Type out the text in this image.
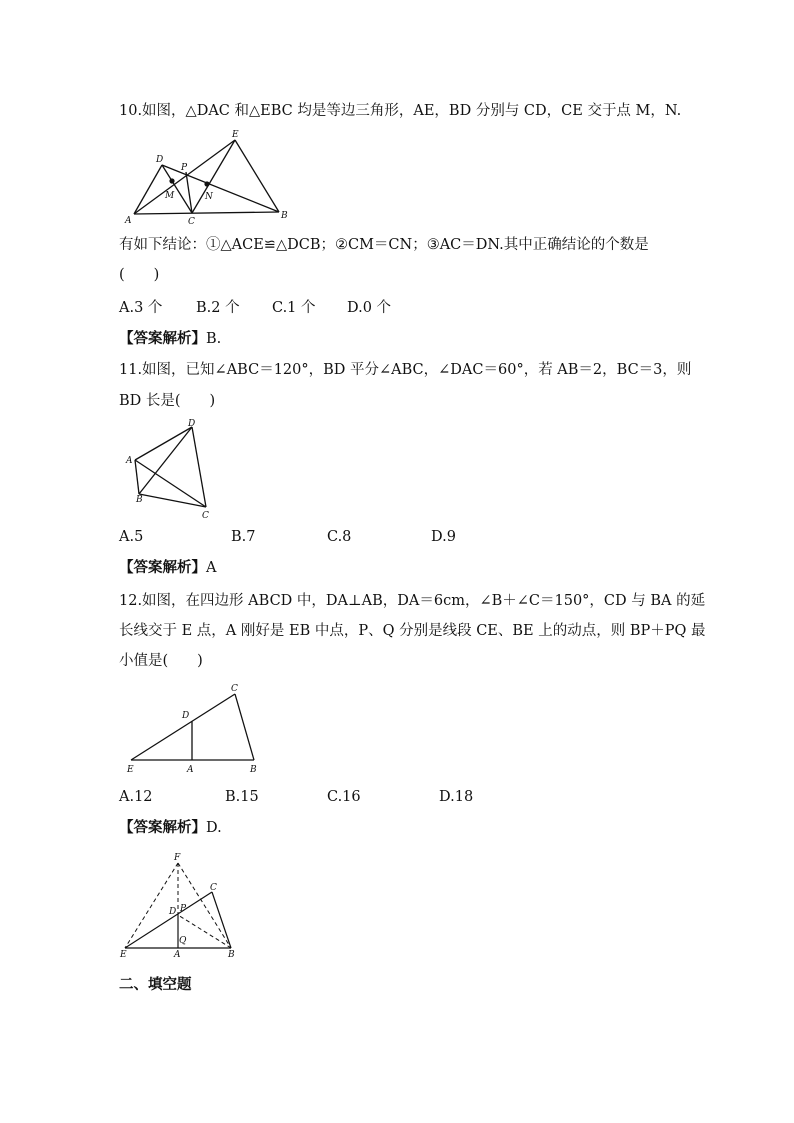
10.如图，△DAC 和△EBC 均是等边三角形，AE，BD 分别与 CD，CE 交于点 M，N.
A
D
E
P
M	N
C
B
有如下结论：①△ACE≌△DCB；②CM＝CN；③AC＝DN.其中正确结论的个数是
(　　)
A.3 个 B.2 个 C.1 个 D.0 个
【答案解析】B.
11.如图，已知∠ABC＝120°，BD 平分∠ABC，∠DAC＝60°，若 AB＝2，BC＝3，则
BD 长是(　　)
A
D
B
C
A.5	B.7	C.8	D.9
【答案解析】A
12.如图，在四边形 ABCD 中，DA⊥AB，DA＝6cm，∠B＋∠C＝150°，CD 与 BA 的延
长线交于 E 点，A 刚好是 EB 中点，P、Q 分别是线段 CE、BE 上的动点，则 BP＋PQ 最
小值是(　　)
E	A	B
D
C
A.12	B.15	C.16	D.18
【答案解析】D.
F
C
D P
Q
E	A	B
二、填空题
